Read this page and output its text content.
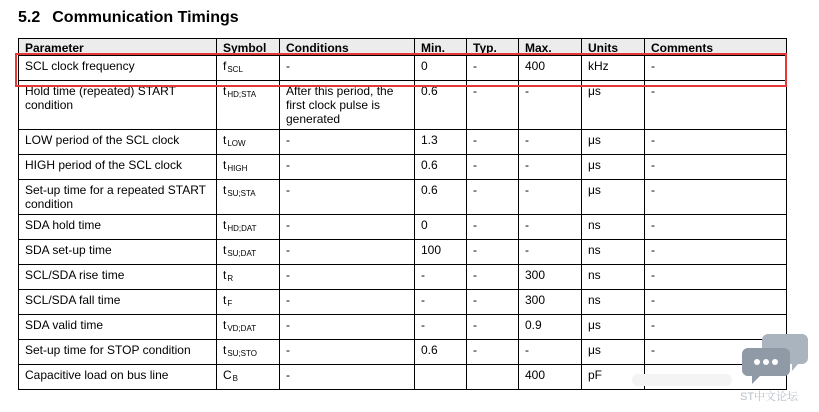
5.2 Communication Timings
Parameter	Symbol	Conditions	Min.	Typ.	Max.	Units	Comments
SCL clock frequency	$f_{SCL}$	-	0	-	400	kHz	-
Hold time (repeated) START condition	$t_{HD;STA}$	After this period, the first clock pulse is generated	0.6	-	-	μs	-
LOW period of the SCL clock	$t_{LOW}$	-	1.3	-	-	μs	-
HIGH period of the SCL clock	$t_{HIGH}$	-	0.6	-	-	μs	-
Set-up time for a repeated START condition	$t_{SU;STA}$	-	0.6	-	-	μs	-
SDA hold time	$t_{HD;DAT}$	-	0	-	-	ns	-
SDA set-up time	$t_{SU;DAT}$	-	100	-	-	ns	-
SCL/SDA rise time	$t_R$	-	-	-	300	ns	-
SCL/SDA fall time	$t_F$	-	-	-	300	ns	-
SDA valid time	$t_{VD;DAT}$	-	-	-	0.9	μs	-
Set-up time for STOP condition	$t_{SU;STO}$	-	0.6	-	-	μs	-
Capacitive load on bus line	$C_B$	-			400	pF	
ST中文论坛
